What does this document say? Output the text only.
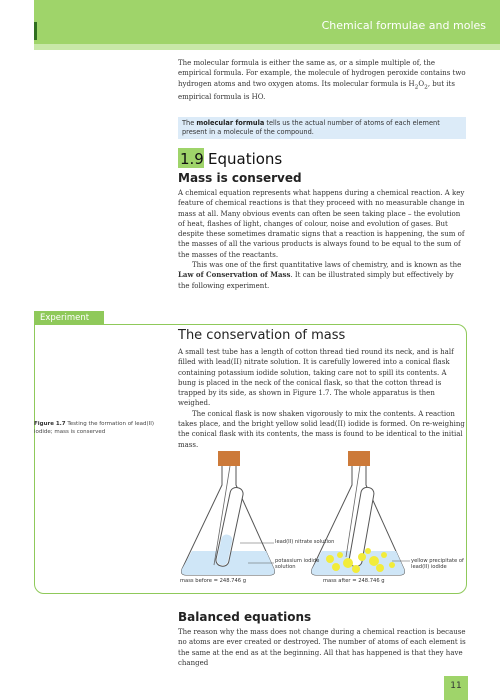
Chemical formulae and moles

The molecular formula is either the same as, or a simple multiple of, the empirical formula. For example, the molecule of hydrogen peroxide contains two hydrogen atoms and two oxygen atoms. Its molecular formula is $H_2O_2$, but its empirical formula is HO.

The molecular formula tells us the actual number of atoms of each element present in a molecule of the compound.
1.9 Equations
Mass is conserved

A chemical equation represents what happens during a chemical reaction. A key feature of chemical reactions is that they proceed with no measurable change in mass at all. Many obvious events can often be seen taking place – the evolution of heat, flashes of light, changes of colour, noise and evolution of gases. But despite these sometimes dramatic signs that a reaction is happening, the sum of the masses of all the various products is always found to be equal to the sum of the masses of the reactants.

This was one of the first quantitative laws of chemistry, and is known as the Law of Conservation of Mass. It can be illustrated simply but effectively by the following experiment.

Experiment
The conservation of mass

A small test tube has a length of cotton thread tied round its neck, and is half filled with lead(II) nitrate solution. It is carefully lowered into a conical flask containing potassium iodide solution, taking care not to spill its contents. A bung is placed in the neck of the conical flask, so that the cotton thread is trapped by its side, as shown in Figure 1.7. The whole apparatus is then weighed.

The conical flask is now shaken vigorously to mix the contents. A reaction takes place, and the bright yellow solid lead(II) iodide is formed. On re-weighing the conical flask with its contents, the mass is found to be identical to the initial mass.

Figure 1.7 Testing the formation of lead(II) iodide; mass is conserved
lead(II) nitrate solution
potassium iodide solution
mass before = 248.746 g	mass after = 248.746 g
yellow precipitate of lead(II) iodide
Balanced equations

The reason why the mass does not change during a chemical reaction is because no atoms are ever created or destroyed. The number of atoms of each element is the same at the end as at the beginning. All that has happened is that they have changed

11
